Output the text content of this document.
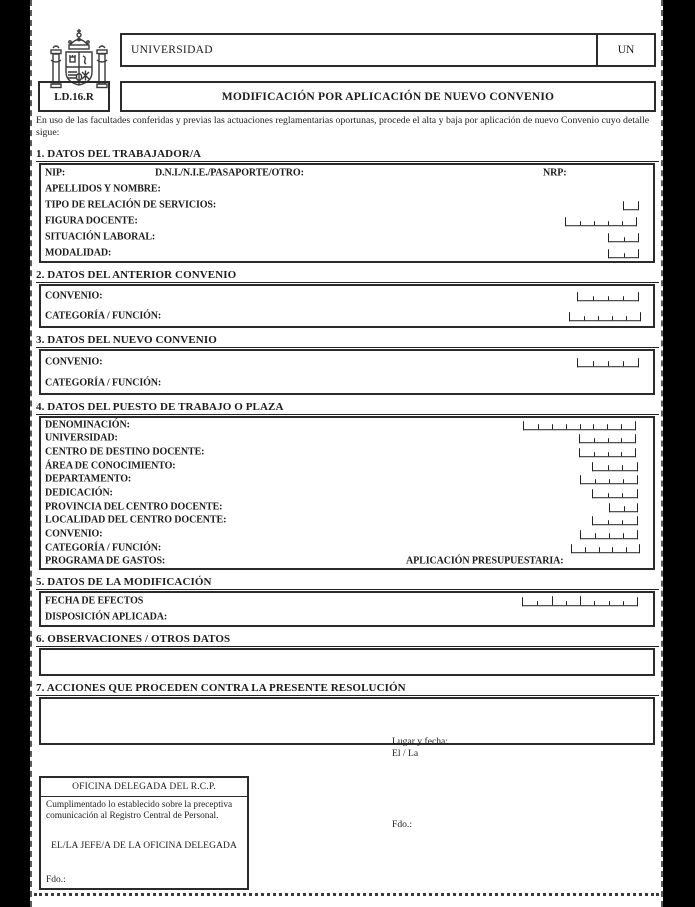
UNIVERSIDAD	UN
LD.16.R	MODIFICACIÓN POR APLICACIÓN DE NUEVO CONVENIO
En uso de las facultades conferidas y previas las actuaciones reglamentarias oportunas, procede el alta y baja por aplicación de nuevo Convenio cuyo detalle sigue:
1. DATOS DEL TRABAJADOR/A
NIP:	D.N.I./N.I.E./PASAPORTE/OTRO:	NRP:
APELLIDOS Y NOMBRE:
TIPO DE RELACIÓN DE SERVICIOS:
FIGURA DOCENTE:
SITUACIÓN LABORAL:
MODALIDAD:
2. DATOS DEL ANTERIOR CONVENIO
CONVENIO:
CATEGORÍA / FUNCIÓN:
3. DATOS DEL NUEVO CONVENIO
CONVENIO:
CATEGORÍA / FUNCIÓN:
4. DATOS DEL PUESTO DE TRABAJO O PLAZA
DENOMINACIÓN:
UNIVERSIDAD:
CENTRO DE DESTINO DOCENTE:
ÁREA DE CONOCIMIENTO:
DEPARTAMENTO:
DEDICACIÓN:
PROVINCIA DEL CENTRO DOCENTE:
LOCALIDAD DEL CENTRO DOCENTE:
CONVENIO:
CATEGORÍA / FUNCIÓN:
PROGRAMA DE GASTOS:	APLICACIÓN PRESUPUESTARIA:
5. DATOS DE LA MODIFICACIÓN
FECHA DE EFECTOS
DISPOSICIÓN APLICADA:
6. OBSERVACIONES / OTROS DATOS
7. ACCIONES QUE PROCEDEN CONTRA LA PRESENTE RESOLUCIÓN
Lugar y fecha:
El / La
Fdo.:
OFICINA DELEGADA DEL R.C.P.
Cumplimentado lo establecido sobre la preceptiva comunicación al Registro Central de Personal.
EL/LA JEFE/A DE LA OFICINA DELEGADA
Fdo.:
